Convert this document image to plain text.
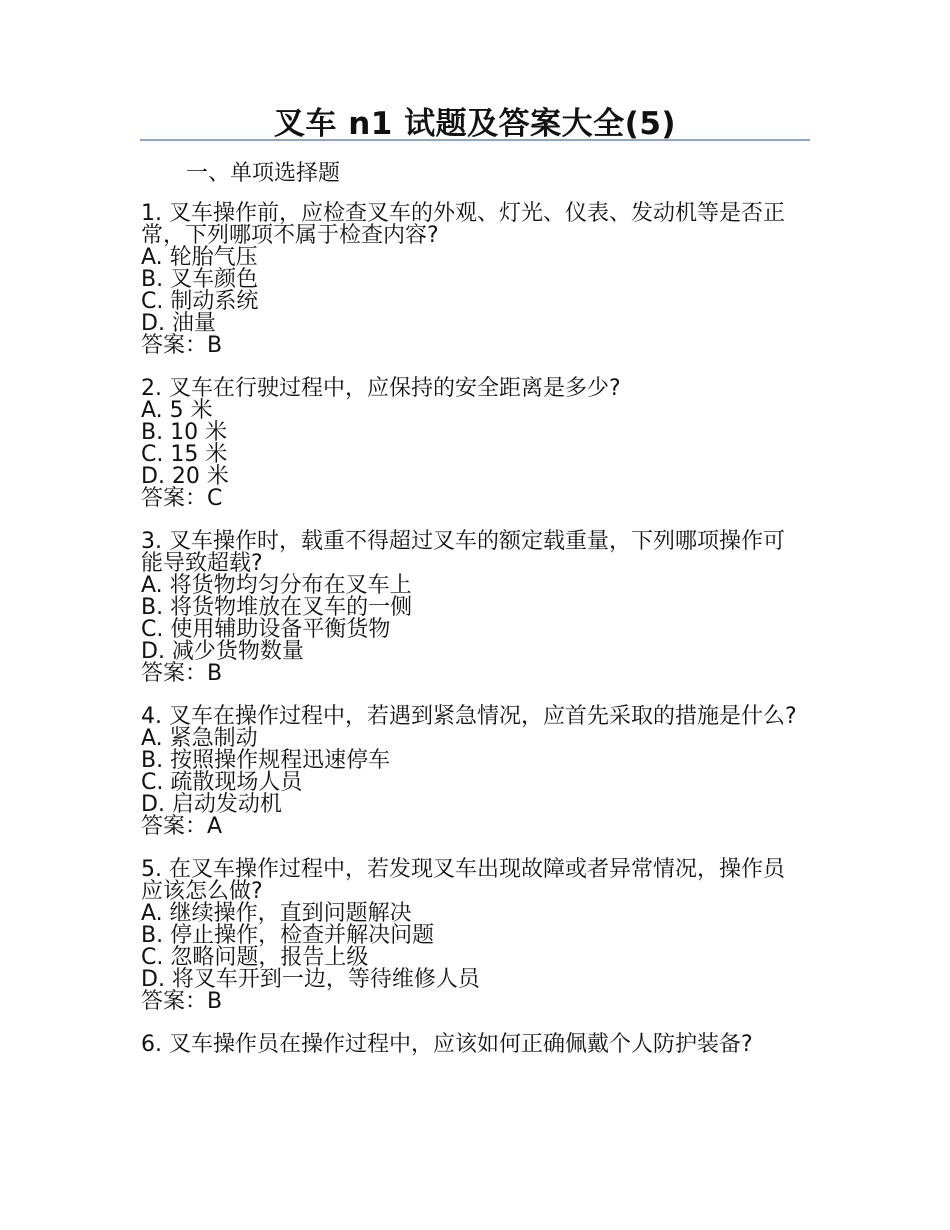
叉车 n1 试题及答案大全(5)
一、单项选择题
1. 叉车操作前，应检查叉车的外观、灯光、仪表、发动机等是否正常，下列哪项不属于检查内容?
A. 轮胎气压
B. 叉车颜色
C. 制动系统
D. 油量
答案：B
2. 叉车在行驶过程中，应保持的安全距离是多少?
A. 5 米
B. 10 米
C. 15 米
D. 20 米
答案：C
3. 叉车操作时，载重不得超过叉车的额定载重量，下列哪项操作可能导致超载?
A. 将货物均匀分布在叉车上
B. 将货物堆放在叉车的一侧
C. 使用辅助设备平衡货物
D. 减少货物数量
答案：B
4. 叉车在操作过程中，若遇到紧急情况，应首先采取的措施是什么?
A. 紧急制动
B. 按照操作规程迅速停车
C. 疏散现场人员
D. 启动发动机
答案：A
5. 在叉车操作过程中，若发现叉车出现故障或者异常情况，操作员应该怎么做?
A. 继续操作，直到问题解决
B. 停止操作，检查并解决问题
C. 忽略问题，报告上级
D. 将叉车开到一边，等待维修人员
答案：B
6. 叉车操作员在操作过程中，应该如何正确佩戴个人防护装备?
